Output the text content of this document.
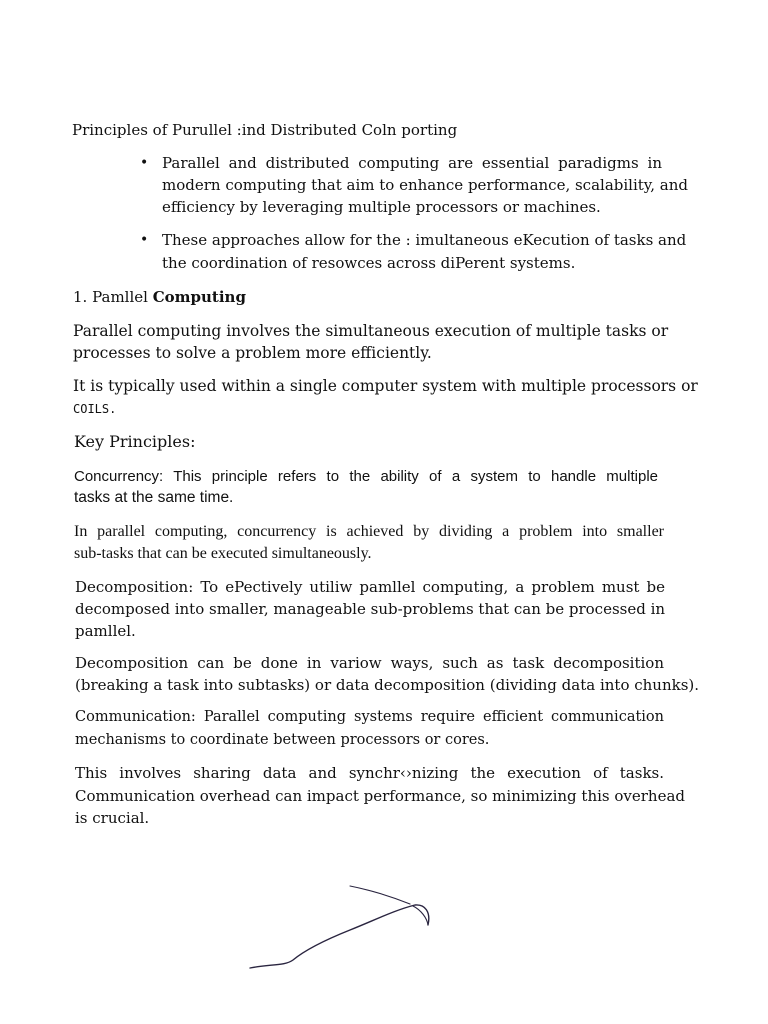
Principles of Purullel :ind Distributed Coln porting
• Parallel and distributed computing are essential paradigms in
modern computing that aim to enhance performance, scalability, and
efficiency by leveraging multiple processors or machines.
• These approaches allow for the : imultaneous eKecution of tasks and
the coordination of resowces across diPerent systems.
1. Pamllel Computing
Parallel computing involves the simultaneous execution of multiple tasks or
processes to solve a problem more efficiently.
It is typically used within a single computer system with multiple processors or
COILS.
Key Principles:
Concurrency: This principle refers to the ability of a system to handle multiple
tasks at the same time.
In parallel computing, concurrency is achieved by dividing a problem into smaller
sub-tasks that can be executed simultaneously.
Decomposition: To ePectively utiliw pamllel computing, a problem must be
decomposed into smaller, manageable sub-problems that can be processed in
pamllel.
Decomposition can be done in variow ways, such as task decomposition
(breaking a task into subtasks) or data decomposition (dividing data into chunks).
Communication: Parallel computing systems require efficient communication
mechanisms to coordinate between processors or cores.
This involves sharing data and synchr‹›nizing the execution of tasks.
Communication overhead can impact performance, so minimizing this overhead
is crucial.
